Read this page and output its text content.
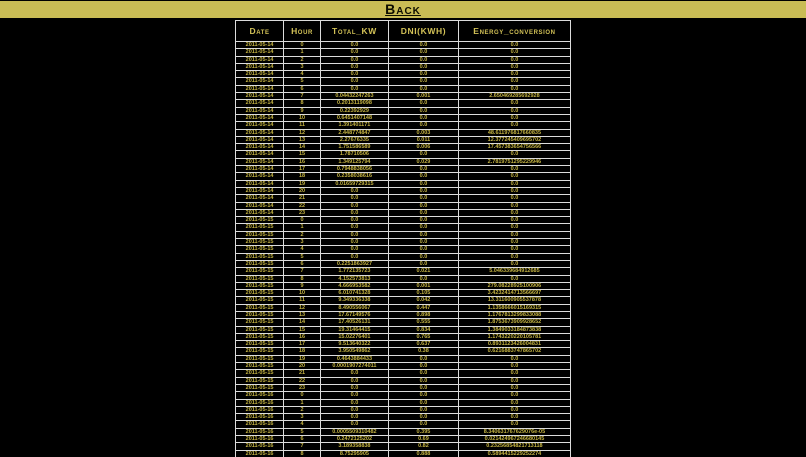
Back
Date	Hour	Total_KW	DNI(KWH)	Energy_conversion
2011-05-14	0	0.0	0.0	0.0
2011-05-14	1	0.0	0.0	0.0
2011-05-14	2	0.0	0.0	0.0
2011-05-14	3	0.0	0.0	0.0
2011-05-14	4	0.0	0.0	0.0
2011-05-14	5	0.0	0.0	0.0
2011-05-14	6	0.0	0.0	0.0
2011-05-14	7	0.04432247263	0.001	2.650469285692928
2011-05-14	8	0.2013119098	0.0	0.0
2011-05-14	9	0.22392929	0.0	0.0
2011-05-14	10	0.6451407148	0.0	0.0
2011-05-14	11	1.391401171	0.0	0.0
2011-05-14	12	2.448774847	0.003	48.611976817660835
2011-05-14	13	2.27676335	0.011	12.377245409695702
2011-05-14	14	1.751586589	0.006	17.457383654756566
2011-05-14	15	1.78710506	0.0	0.0
2011-05-14	16	1.349125794	0.029	2.7819751295229946
2011-05-14	17	0.7948838056	0.0	0.0
2011-05-14	18	0.2358038616	0.0	0.0
2011-05-14	19	0.01659729315	0.0	0.0
2011-05-14	20	0.0	0.0	0.0
2011-05-14	21	0.0	0.0	0.0
2011-05-14	22	0.0	0.0	0.0
2011-05-14	23	0.0	0.0	0.0
2011-05-15	0	0.0	0.0	0.0
2011-05-15	1	0.0	0.0	0.0
2011-05-15	2	0.0	0.0	0.0
2011-05-15	3	0.0	0.0	0.0
2011-05-15	4	0.0	0.0	0.0
2011-05-15	5	0.0	0.0	0.0
2011-05-15	6	0.2251863927	0.0	0.0
2011-05-15	7	1.772135723	0.021	5.046339684912685
2011-05-15	8	4.152573813	0.0	0.0
2011-05-15	9	4.666953582	0.001	279.08228925100906
2011-05-15	10	6.010741328	0.105	3.4232414713566697
2011-05-15	11	9.349336338	0.042	13.311600905537878
2011-05-15	12	8.490556067	0.447	1.1358666015169315
2011-05-15	13	17.67149576	0.898	1.1767813299833088
2011-05-15	14	17.40526131	0.555	1.8753673909928652
2011-05-15	15	19.31464415	0.834	1.3849033184873838
2011-05-15	16	15.02276401	0.765	1.1743220220105781
2011-05-15	17	9.513640322	0.637	0.8931123426004831
2011-05-15	18	3.950549862	0.38	0.6216883747865702
2011-05-15	19	0.4643884433	0.0	0.0
2011-05-15	20	0.0001907274011	0.0	0.0
2011-05-15	21	0.0	0.0	0.0
2011-05-15	22	0.0	0.0	0.0
2011-05-15	23	0.0	0.0	0.0
2011-05-16	0	0.0	0.0	0.0
2011-05-16	1	0.0	0.0	0.0
2011-05-16	2	0.0	0.0	0.0
2011-05-16	3	0.0	0.0	0.0
2011-05-16	4	0.0	0.0	0.0
2011-05-16	5	0.0005509310482	0.395	8.340631767629076e-05
2011-05-16	6	0.2472125202	0.69	0.021424967246680145
2011-05-16	7	3.189358838	0.82	0.23256854821713118
2011-05-16	8	8.75295905	0.888	0.5894415229252274
